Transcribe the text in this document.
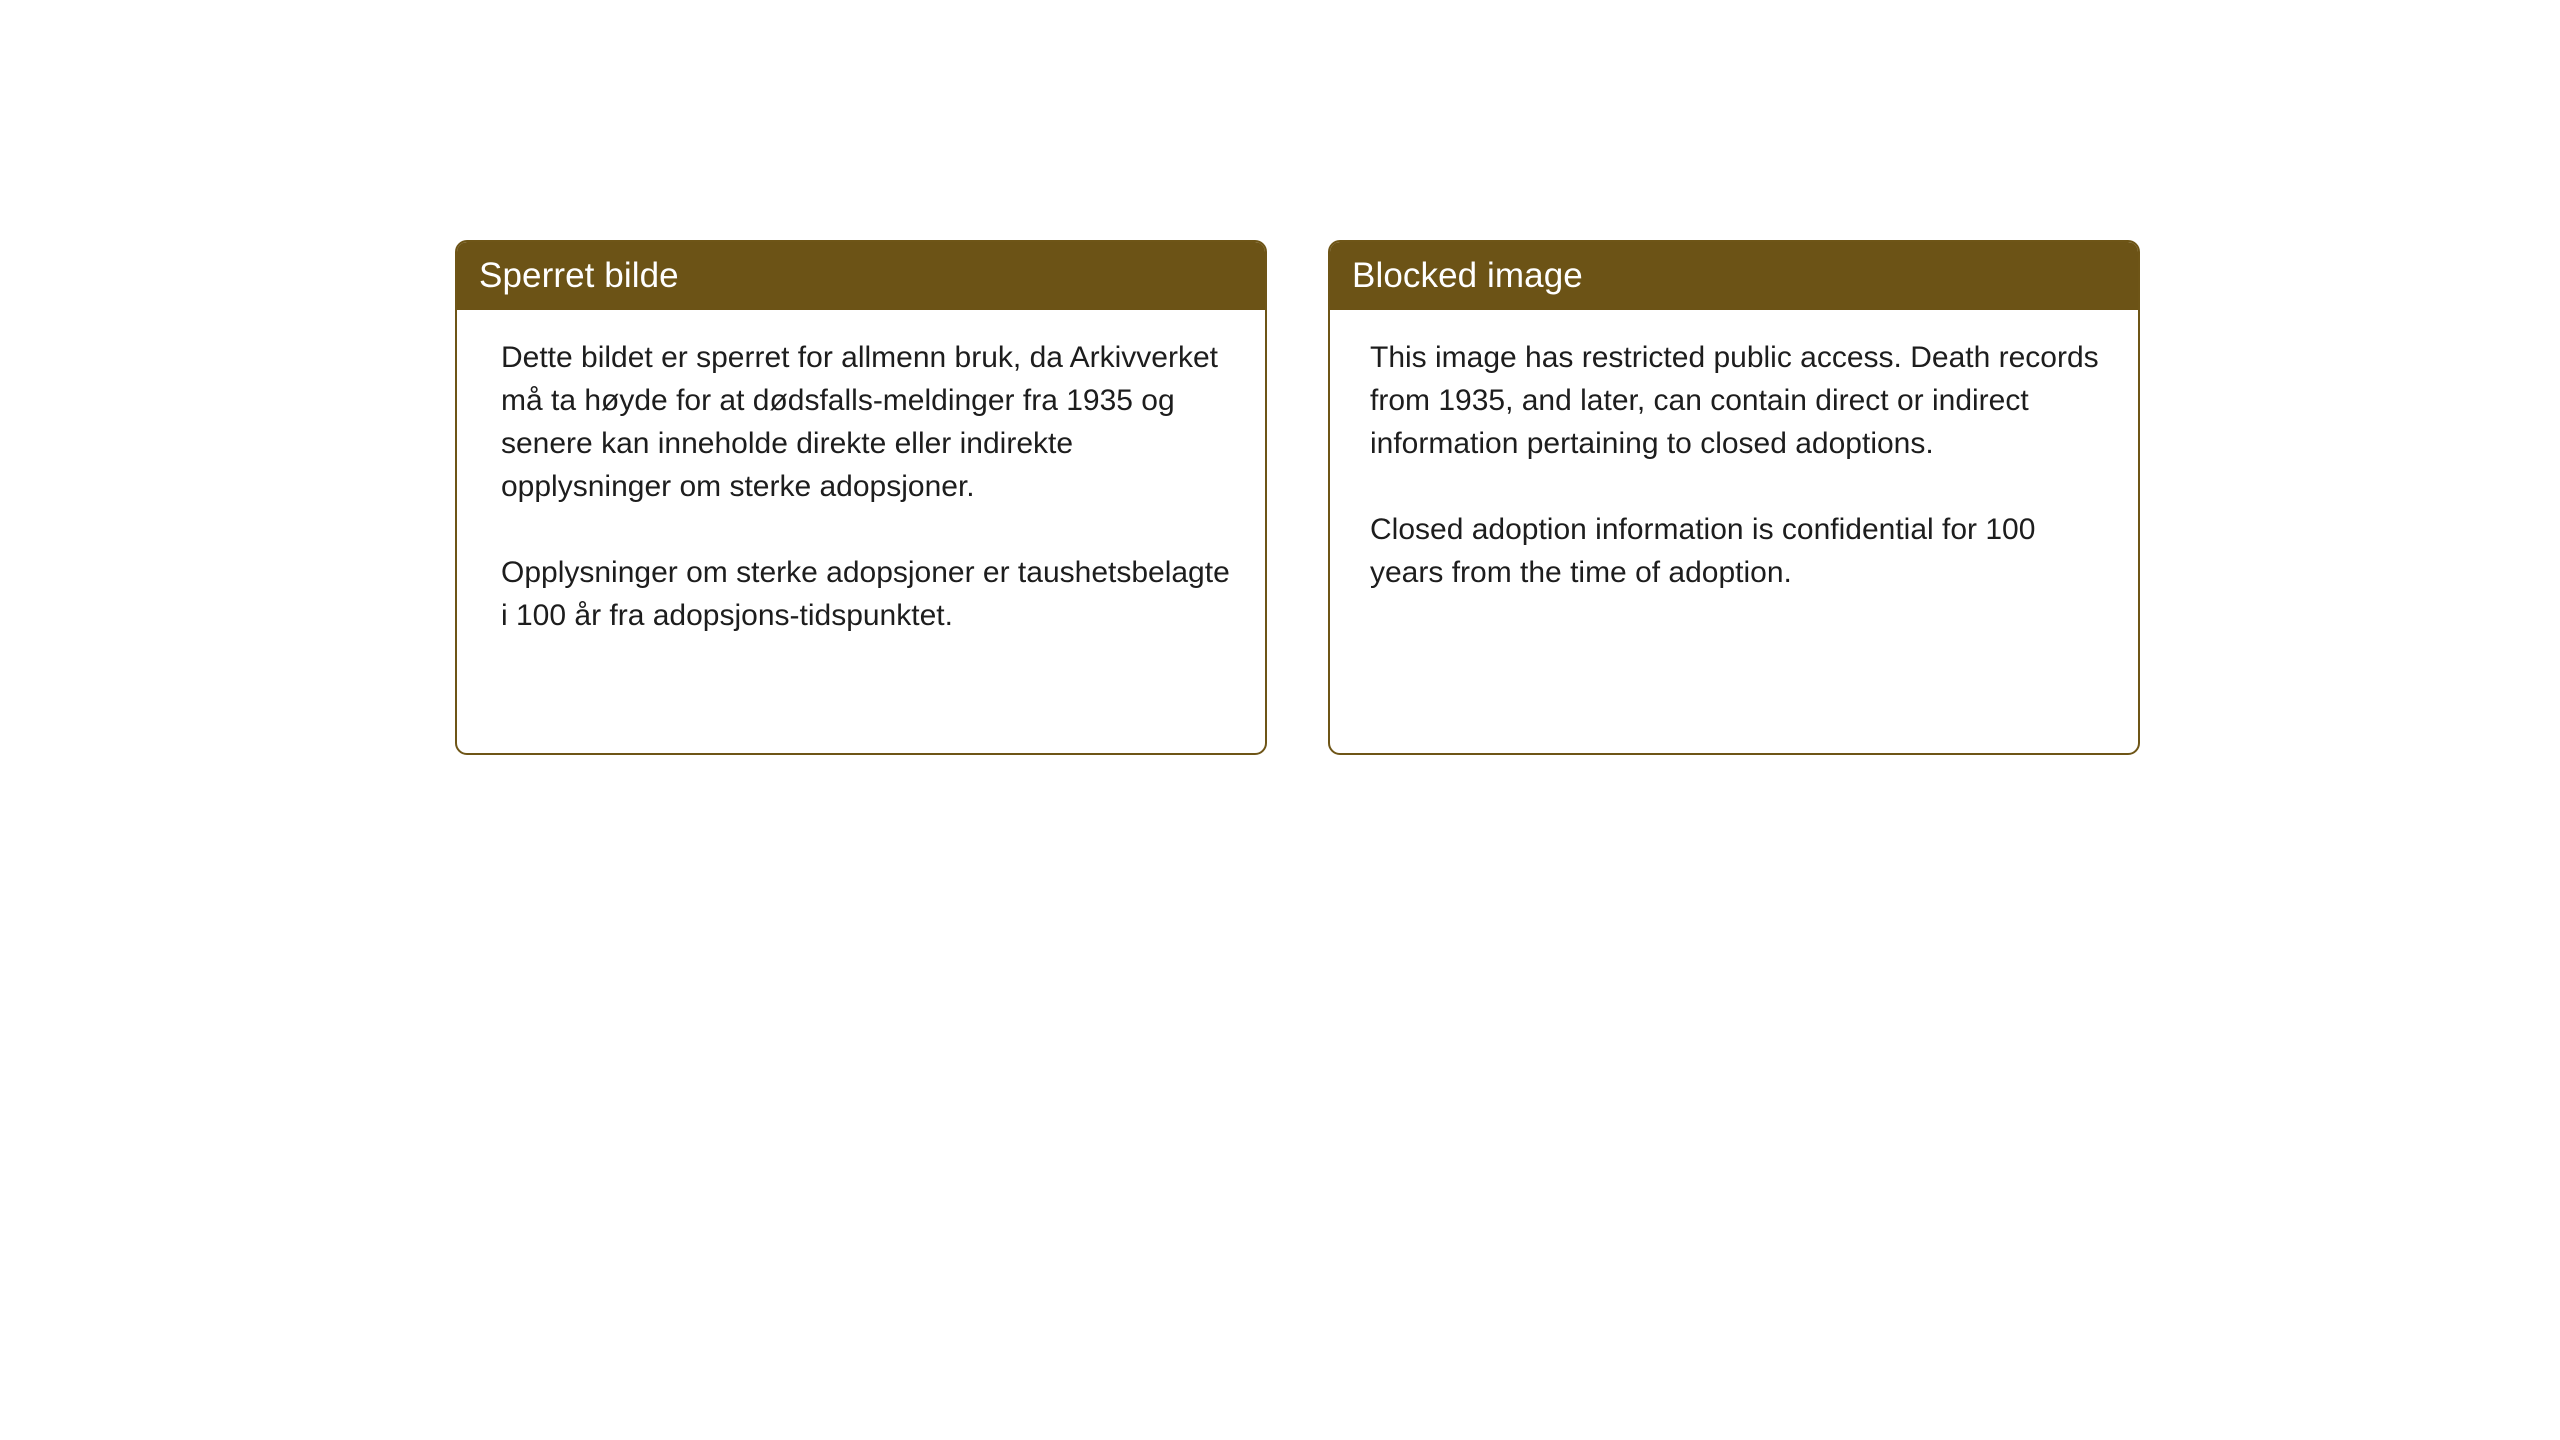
Sperret bilde

Dette bildet er sperret for allmenn bruk, da Arkivverket må ta høyde for at dødsfalls-meldinger fra 1935 og senere kan inneholde direkte eller indirekte opplysninger om sterke adopsjoner.

Opplysninger om sterke adopsjoner er taushetsbelagte i 100 år fra adopsjons-tidspunktet.

Blocked image

This image has restricted public access. Death records from 1935, and later, can contain direct or indirect information pertaining to closed adoptions.

Closed adoption information is confidential for 100 years from the time of adoption.
